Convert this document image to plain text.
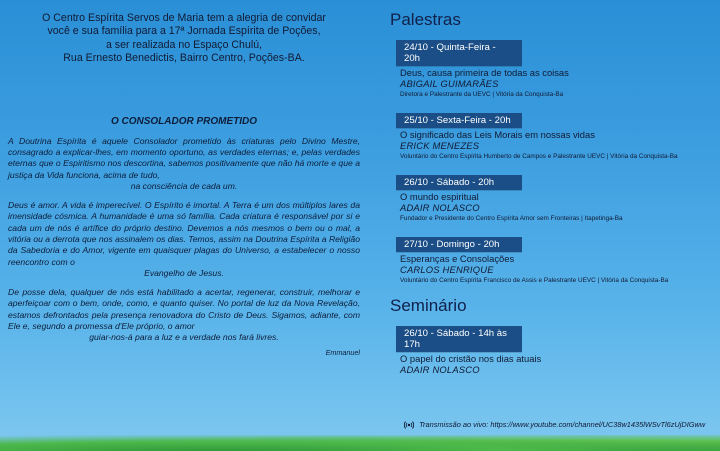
O Centro Espírita Servos de Maria tem a alegria de convidar
você e sua família para a 17ª Jornada Espírita de Poções,
a ser realizada no Espaço Chulú,
Rua Ernesto Benedictis, Bairro Centro, Poções-BA.
O CONSOLADOR PROMETIDO

A Doutrina Espírita é aquele Consolador prometido às criaturas pelo Divino Mestre, consagrado a explicar-lhes, em momento oportuno, as verdades eternas; e, pelas verdades eternas que o Espiritismo nos descortina, sabemos positivamente que não há morte e que a justiça da Vida funciona, acima de tudo,
na consciência de cada um.

Deus é amor. A vida é imperecível. O Espírito é imortal. A Terra é um dos múltiplos lares da imensidade cósmica. A humanidade é uma só família. Cada criatura é responsável por si e cada um de nós é artífice do próprio destino. Devemos a nós mesmos o bem ou o mal, a vitória ou a derrota que nos assinalem os dias. Temos, assim na Doutrina Espírita a Religião da Sabedoria e do Amor, vigente em quaisquer plagas do Universo, a estabelecer o nosso reencontro com o
Evangelho de Jesus.

De posse dela, qualquer de nós está habilitado a acertar, regenerar, construir, melhorar e aperfeiçoar com o bem, onde, como, e quanto quiser. No portal de luz da Nova Revelação, estamos defrontados pela presença renovadora do Cristo de Deus. Sigamos, adiante, com Ele e, segundo a promessa d'Ele próprio, o amor
guiar-nos-á para a luz e a verdade nos fará livres.

Emmanuel
Palestras
24/10 - Quinta-Feira - 20h
Deus, causa primeira de todas as coisas
ABIGAIL GUIMARÃES
Diretora e Palestrante da UEVC | Vitória da Conquista-Ba
25/10 - Sexta-Feira - 20h
O significado das Leis Morais em nossas vidas
ERICK MENEZES
Voluntário do Centro Espírita Humberto de Campos e Palestrante UEVC | Vitória da Conquista-Ba
26/10 - Sábado - 20h
O mundo espiritual
ADAIR NOLASCO
Fundador e Presidente do Centro Espírita Amor sem Fronteiras | Itapetinga-Ba
27/10 - Domingo - 20h
Esperanças e Consolações
CARLOS HENRIQUE
Voluntário do Centro Espírita Francisco de Assis e Palestrante UEVC | Vitória da Conquista-Ba
Seminário
26/10 - Sábado - 14h às 17h
O papel do cristão nos dias atuais
ADAIR NOLASCO
Transmissão ao vivo: https://www.youtube.com/channel/UC38w1435lWSvTl6zUjDIGww
